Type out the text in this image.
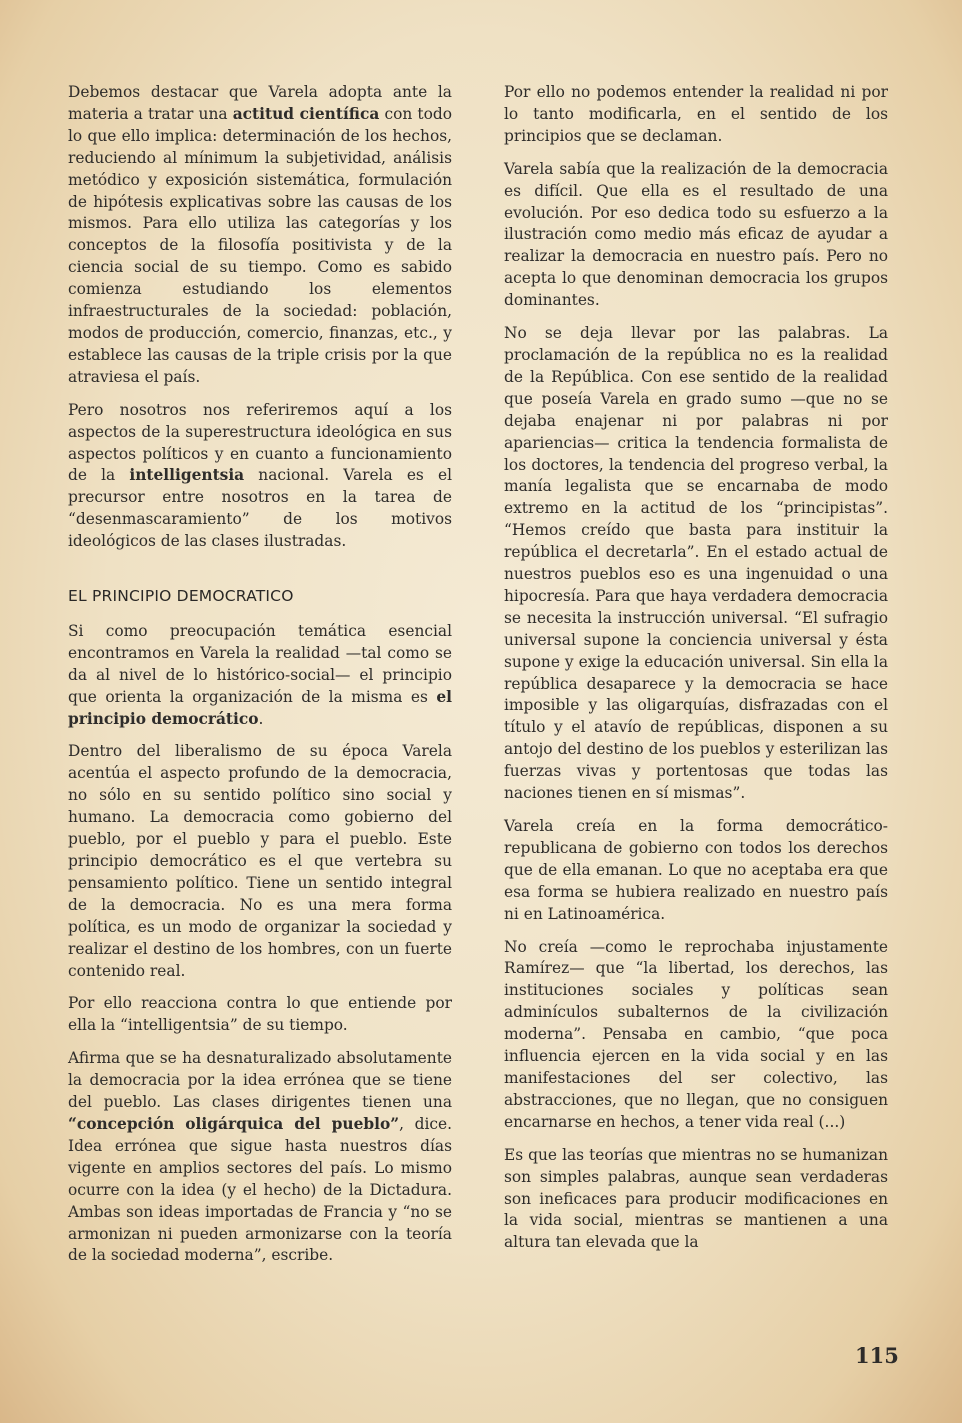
Debemos destacar que Varela adopta ante la materia a tratar una actitud científica con todo lo que ello implica: determinación de los hechos, reduciendo al mínimum la subjetividad, análisis metódico y exposición sistemática, formulación de hipótesis explicativas sobre las causas de los mismos. Para ello utiliza las categorías y los conceptos de la filosofía positivista y de la ciencia social de su tiempo. Como es sabido comienza estudiando los elementos infraestructurales de la sociedad: población, modos de producción, comercio, finanzas, etc., y establece las causas de la triple crisis por la que atraviesa el país.

Pero nosotros nos referiremos aquí a los aspectos de la superestructura ideológica en sus aspectos políticos y en cuanto a funcionamiento de la intelligentsia nacional. Varela es el precursor entre nosotros en la tarea de “desenmascaramiento” de los motivos ideológicos de las clases ilustradas.

EL PRINCIPIO DEMOCRATICO

Si como preocupación temática esencial encontramos en Varela la realidad —tal como se da al nivel de lo histórico-social— el principio que orienta la organización de la misma es el principio democrático.

Dentro del liberalismo de su época Varela acentúa el aspecto profundo de la democracia, no sólo en su sentido político sino social y humano. La democracia como gobierno del pueblo, por el pueblo y para el pueblo. Este principio democrático es el que vertebra su pensamiento político. Tiene un sentido integral de la democracia. No es una mera forma política, es un modo de organizar la sociedad y realizar el destino de los hombres, con un fuerte contenido real.

Por ello reacciona contra lo que entiende por ella la “intelligentsia” de su tiempo.

Afirma que se ha desnaturalizado absolutamente la democracia por la idea errónea que se tiene del pueblo. Las clases dirigentes tienen una “concepción oligárquica del pueblo”, dice. Idea errónea que sigue hasta nuestros días vigente en amplios sectores del país. Lo mismo ocurre con la idea (y el hecho) de la Dictadura. Ambas son ideas importadas de Francia y “no se armonizan ni pueden armonizarse con la teoría de la sociedad moderna”, escribe.

Por ello no podemos entender la realidad ni por lo tanto modificarla, en el sentido de los principios que se declaman.

Varela sabía que la realización de la democracia es difícil. Que ella es el resultado de una evolución. Por eso dedica todo su esfuerzo a la ilustración como medio más eficaz de ayudar a realizar la democracia en nuestro país. Pero no acepta lo que denominan democracia los grupos dominantes.

No se deja llevar por las palabras. La proclamación de la república no es la realidad de la República. Con ese sentido de la realidad que poseía Varela en grado sumo —que no se dejaba enajenar ni por palabras ni por apariencias— critica la tendencia formalista de los doctores, la tendencia del progreso verbal, la manía legalista que se encarnaba de modo extremo en la actitud de los “principistas”. “Hemos creído que basta para instituir la república el decretarla”. En el estado actual de nuestros pueblos eso es una ingenuidad o una hipocresía. Para que haya verdadera democracia se necesita la instrucción universal. “El sufragio universal supone la conciencia universal y ésta supone y exige la educación universal. Sin ella la república desaparece y la democracia se hace imposible y las oligarquías, disfrazadas con el título y el atavío de repúblicas, disponen a su antojo del destino de los pueblos y esterilizan las fuerzas vivas y portentosas que todas las naciones tienen en sí mismas”.

Varela creía en la forma democrático-republicana de gobierno con todos los derechos que de ella emanan. Lo que no aceptaba era que esa forma se hubiera realizado en nuestro país ni en Latinoamérica.

No creía —como le reprochaba injustamente Ramírez— que “la libertad, los derechos, las instituciones sociales y políticas sean adminículos subalternos de la civilización moderna”. Pensaba en cambio, “que poca influencia ejercen en la vida social y en las manifestaciones del ser colectivo, las abstracciones, que no llegan, que no consiguen encarnarse en hechos, a tener vida real (...)

Es que las teorías que mientras no se humanizan son simples palabras, aunque sean verdaderas son ineficaces para producir modificaciones en la vida social, mientras se mantienen a una altura tan elevada que la

115
